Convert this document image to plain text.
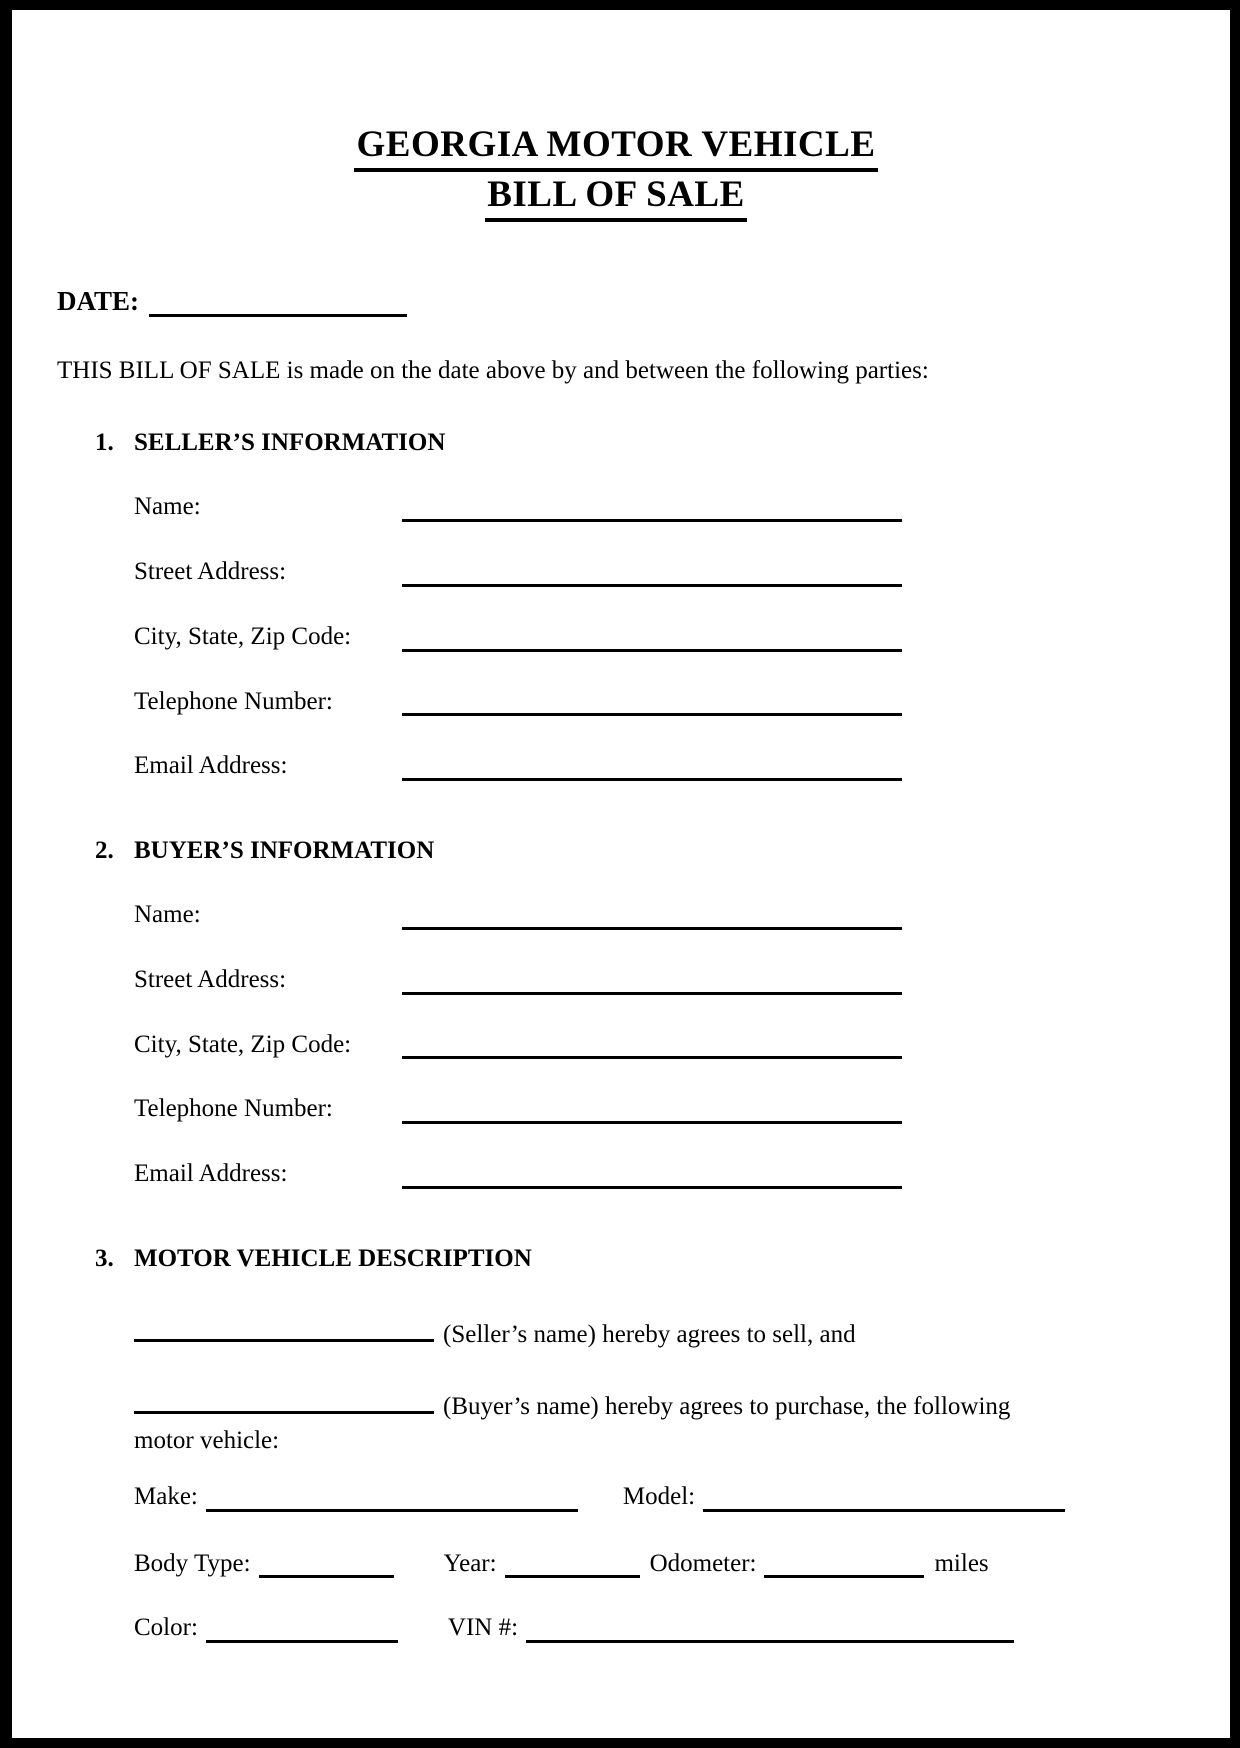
GEORGIA MOTOR VEHICLE
BILL OF SALE
DATE:
THIS BILL OF SALE is made on the date above by and between the following parties:
1. SELLER’S INFORMATION
Name:
Street Address:
City, State, Zip Code:
Telephone Number:
Email Address:
2. BUYER’S INFORMATION
Name:
Street Address:
City, State, Zip Code:
Telephone Number:
Email Address:
3. MOTOR VEHICLE DESCRIPTION
(Seller’s name) hereby agrees to sell, and
(Buyer’s name) hereby agrees to purchase, the following
motor vehicle:
Make:	Model:
Body Type:	Year:	Odometer:	miles
Color:	VIN #:
